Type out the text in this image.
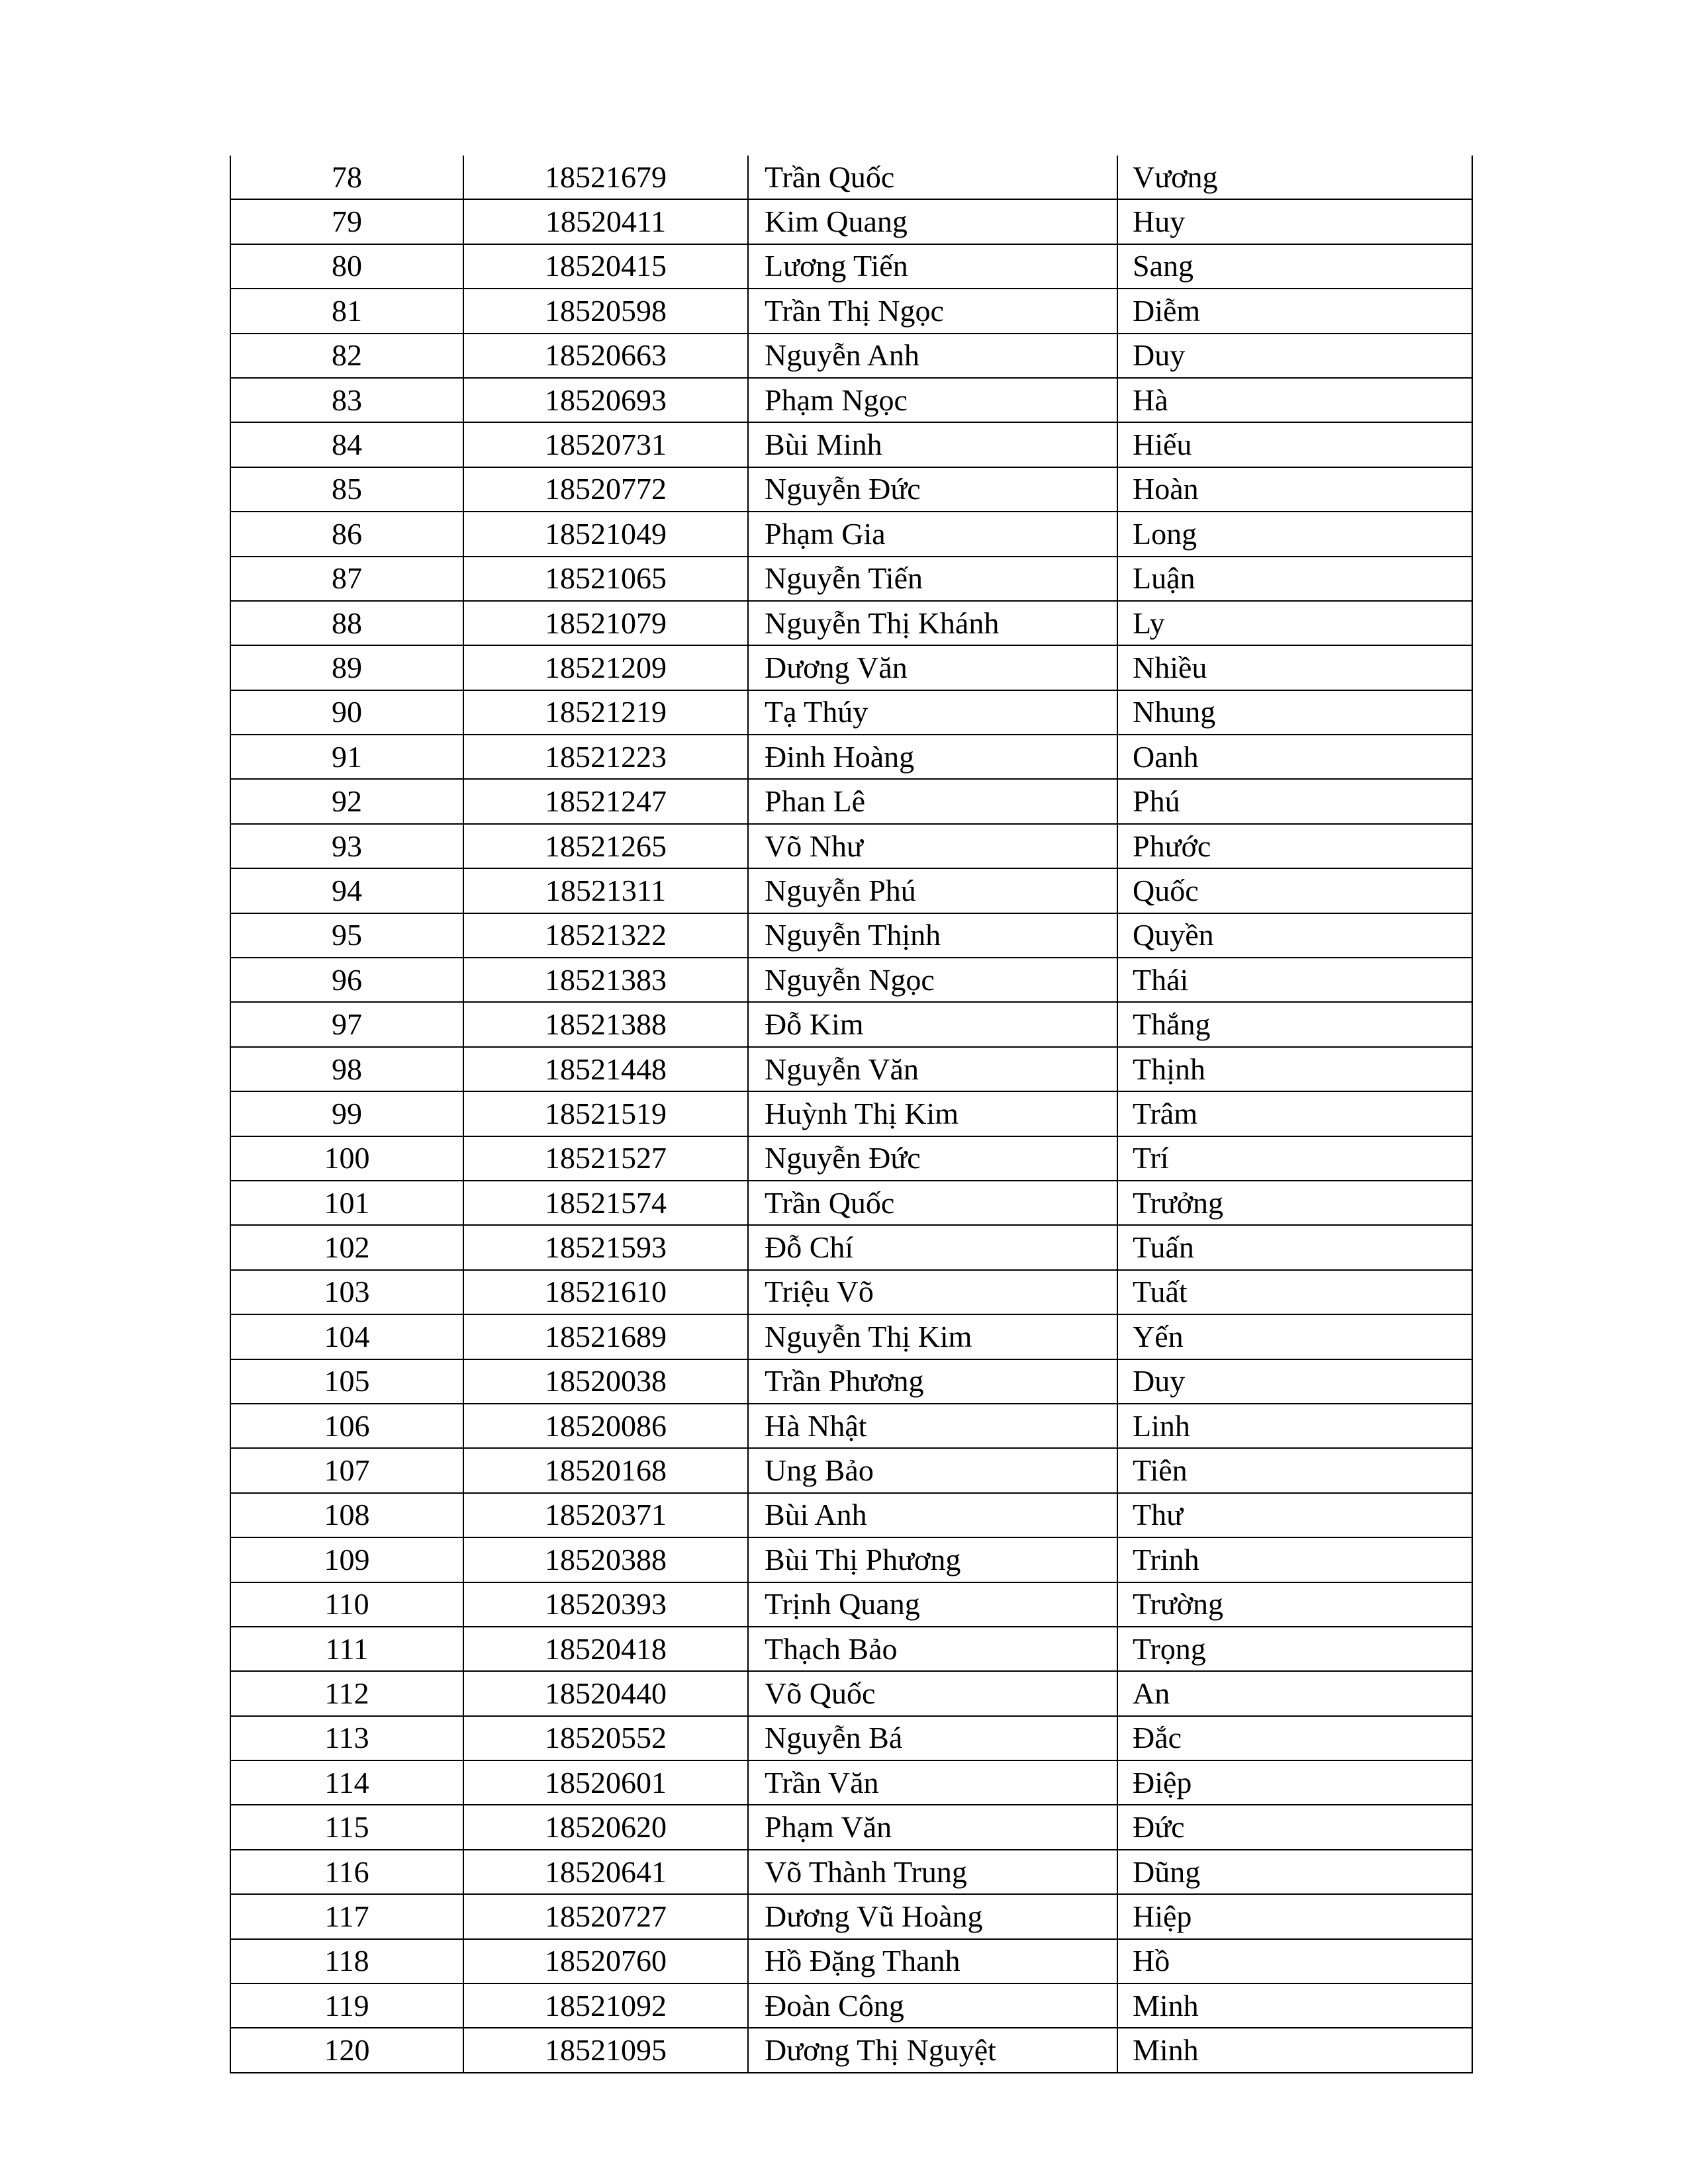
78	18521679	Trần Quốc	Vương
79	18520411	Kim Quang	Huy
80	18520415	Lương Tiến	Sang
81	18520598	Trần Thị Ngọc	Diễm
82	18520663	Nguyễn Anh	Duy
83	18520693	Phạm Ngọc	Hà
84	18520731	Bùi Minh	Hiếu
85	18520772	Nguyễn Đức	Hoàn
86	18521049	Phạm Gia	Long
87	18521065	Nguyễn Tiến	Luận
88	18521079	Nguyễn Thị Khánh	Ly
89	18521209	Dương Văn	Nhiều
90	18521219	Tạ Thúy	Nhung
91	18521223	Đinh Hoàng	Oanh
92	18521247	Phan Lê	Phú
93	18521265	Võ Như	Phước
94	18521311	Nguyễn Phú	Quốc
95	18521322	Nguyễn Thịnh	Quyền
96	18521383	Nguyễn Ngọc	Thái
97	18521388	Đỗ Kim	Thắng
98	18521448	Nguyễn Văn	Thịnh
99	18521519	Huỳnh Thị Kim	Trâm
100	18521527	Nguyễn Đức	Trí
101	18521574	Trần Quốc	Trưởng
102	18521593	Đỗ Chí	Tuấn
103	18521610	Triệu Võ	Tuất
104	18521689	Nguyễn Thị Kim	Yến
105	18520038	Trần Phương	Duy
106	18520086	Hà Nhật	Linh
107	18520168	Ung Bảo	Tiên
108	18520371	Bùi Anh	Thư
109	18520388	Bùi Thị Phương	Trinh
110	18520393	Trịnh Quang	Trường
111	18520418	Thạch Bảo	Trọng
112	18520440	Võ Quốc	An
113	18520552	Nguyễn Bá	Đắc
114	18520601	Trần Văn	Điệp
115	18520620	Phạm Văn	Đức
116	18520641	Võ Thành Trung	Dũng
117	18520727	Dương Vũ Hoàng	Hiệp
118	18520760	Hồ Đặng Thanh	Hồ
119	18521092	Đoàn Công	Minh
120	18521095	Dương Thị Nguyệt	Minh
